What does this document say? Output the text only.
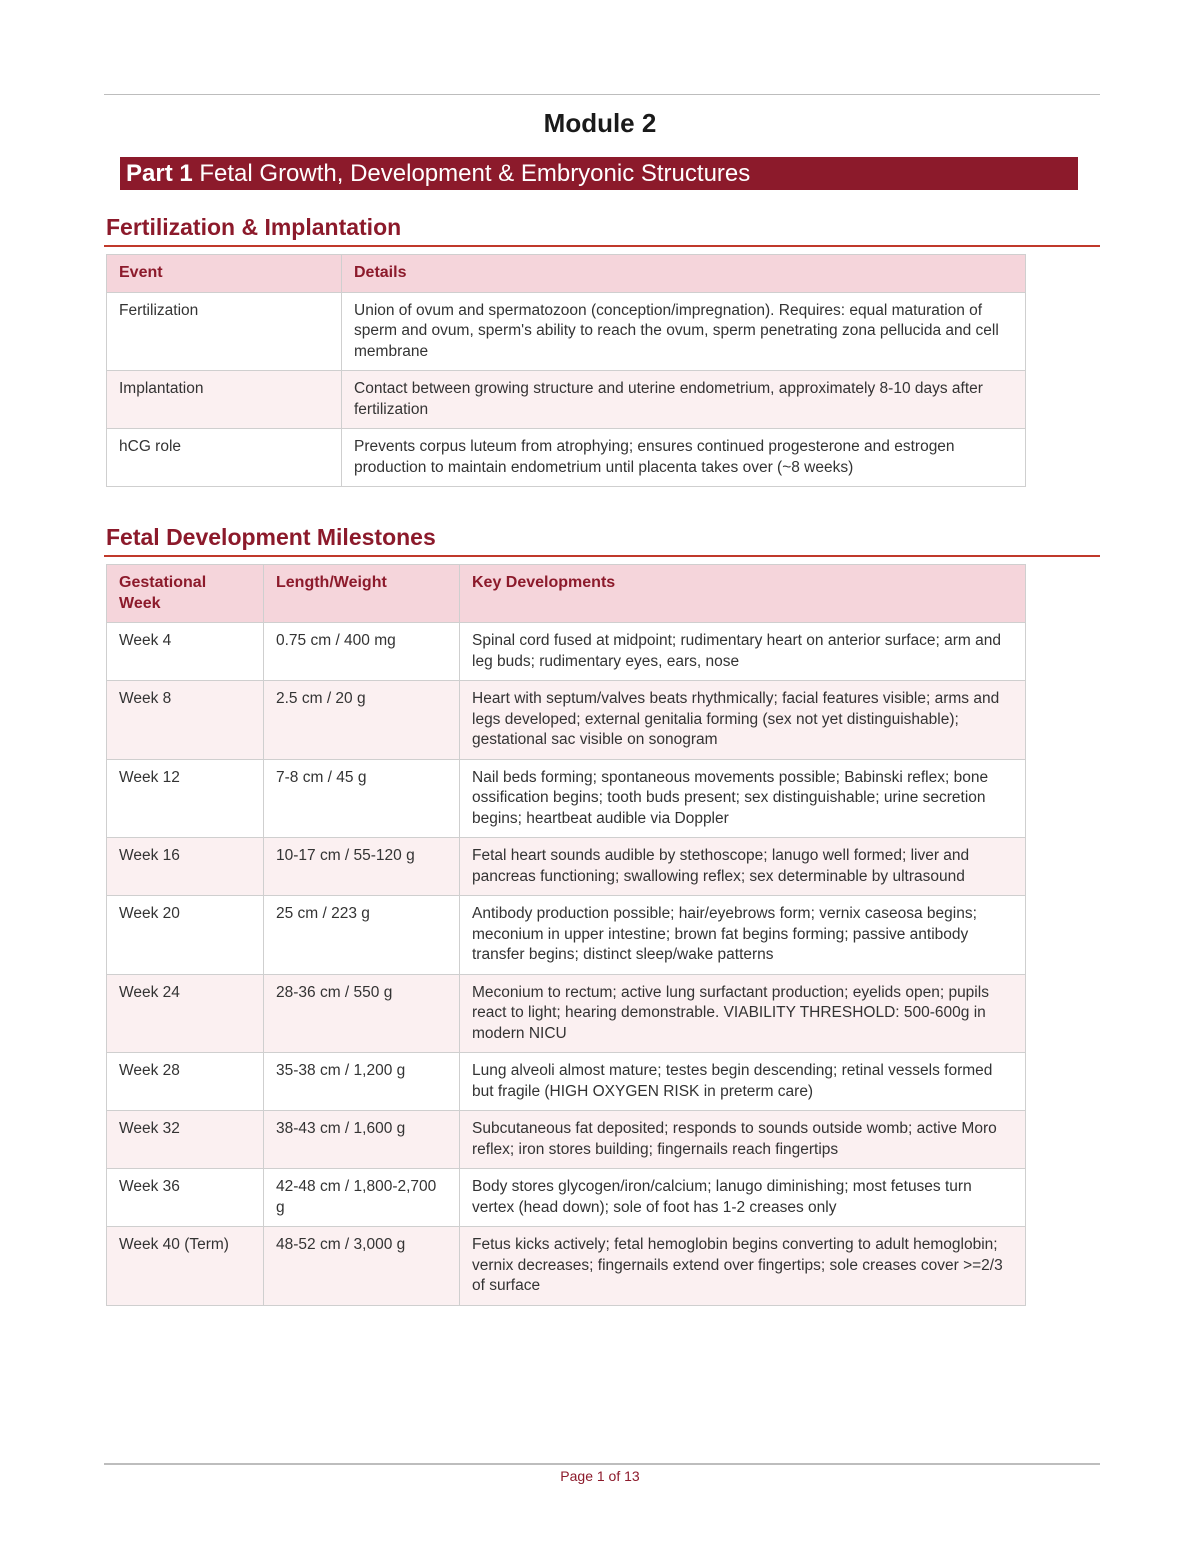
Module 2
Part 1 Fetal Growth, Development & Embryonic Structures
Fertilization & Implantation
Event	Details
Fertilization	Union of ovum and spermatozoon (conception/impregnation). Requires: equal maturation of sperm and ovum, sperm's ability to reach the ovum, sperm penetrating zona pellucida and cell membrane
Implantation	Contact between growing structure and uterine endometrium, approximately 8-10 days after fertilization
hCG role	Prevents corpus luteum from atrophying; ensures continued progesterone and estrogen production to maintain endometrium until placenta takes over (~8 weeks)
Fetal Development Milestones
Gestational Week	Length/Weight	Key Developments
Week 4	0.75 cm / 400 mg	Spinal cord fused at midpoint; rudimentary heart on anterior surface; arm and leg buds; rudimentary eyes, ears, nose
Week 8	2.5 cm / 20 g	Heart with septum/valves beats rhythmically; facial features visible; arms and legs developed; external genitalia forming (sex not yet distinguishable); gestational sac visible on sonogram
Week 12	7-8 cm / 45 g	Nail beds forming; spontaneous movements possible; Babinski reflex; bone ossification begins; tooth buds present; sex distinguishable; urine secretion begins; heartbeat audible via Doppler
Week 16	10-17 cm / 55-120 g	Fetal heart sounds audible by stethoscope; lanugo well formed; liver and pancreas functioning; swallowing reflex; sex determinable by ultrasound
Week 20	25 cm / 223 g	Antibody production possible; hair/eyebrows form; vernix caseosa begins; meconium in upper intestine; brown fat begins forming; passive antibody transfer begins; distinct sleep/wake patterns
Week 24	28-36 cm / 550 g	Meconium to rectum; active lung surfactant production; eyelids open; pupils react to light; hearing demonstrable. VIABILITY THRESHOLD: 500-600g in modern NICU
Week 28	35-38 cm / 1,200 g	Lung alveoli almost mature; testes begin descending; retinal vessels formed but fragile (HIGH OXYGEN RISK in preterm care)
Week 32	38-43 cm / 1,600 g	Subcutaneous fat deposited; responds to sounds outside womb; active Moro reflex; iron stores building; fingernails reach fingertips
Week 36	42-48 cm / 1,800-2,700 g	Body stores glycogen/iron/calcium; lanugo diminishing; most fetuses turn vertex (head down); sole of foot has 1-2 creases only
Week 40 (Term)	48-52 cm / 3,000 g	Fetus kicks actively; fetal hemoglobin begins converting to adult hemoglobin; vernix decreases; fingernails extend over fingertips; sole creases cover >=2/3 of surface
Page 1 of 13
